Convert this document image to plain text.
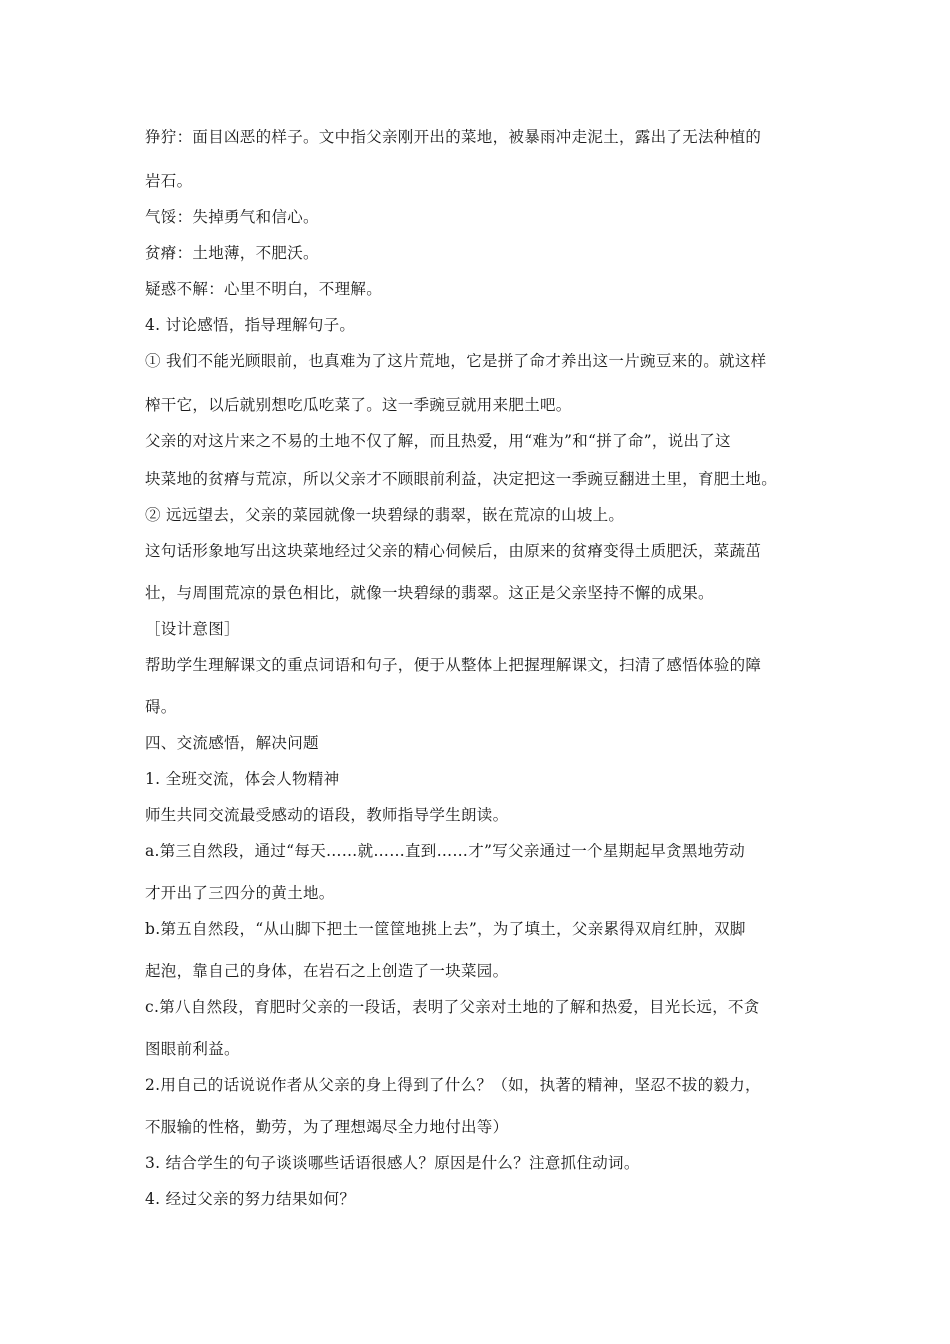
狰狞：面目凶恶的样子。文中指父亲刚开出的菜地，被暴雨冲走泥土，露出了无法种植的
岩石。
气馁：失掉勇气和信心。
贫瘠：土地薄，不肥沃。
疑惑不解：心里不明白，不理解。
4. 讨论感悟，指导理解句子。
① 我们不能光顾眼前，也真难为了这片荒地，它是拼了命才养出这一片豌豆来的。就这样
榨干它，以后就别想吃瓜吃菜了。这一季豌豆就用来肥土吧。
父亲的对这片来之不易的土地不仅了解，而且热爱，用“难为”和“拼了命”，说出了这
块菜地的贫瘠与荒凉，所以父亲才不顾眼前利益，决定把这一季豌豆翻进土里，育肥土地。
② 远远望去，父亲的菜园就像一块碧绿的翡翠，嵌在荒凉的山坡上。
这句话形象地写出这块菜地经过父亲的精心伺候后，由原来的贫瘠变得土质肥沃，菜蔬茁
壮，与周围荒凉的景色相比，就像一块碧绿的翡翠。这正是父亲坚持不懈的成果。
［设计意图］
帮助学生理解课文的重点词语和句子，便于从整体上把握理解课文，扫清了感悟体验的障
碍。
四、交流感悟，解决问题
1. 全班交流，体会人物精神
师生共同交流最受感动的语段，教师指导学生朗读。
a.第三自然段，通过“每天……就……直到……才”写父亲通过一个星期起早贪黑地劳动
才开出了三四分的黄土地。
b.第五自然段，“从山脚下把土一筐筐地挑上去”，为了填土，父亲累得双肩红肿，双脚
起泡，靠自己的身体，在岩石之上创造了一块菜园。
c.第八自然段，育肥时父亲的一段话，表明了父亲对土地的了解和热爱，目光长远，不贪
图眼前利益。
2.用自己的话说说作者从父亲的身上得到了什么？（如，执著的精神，坚忍不拔的毅力，
不服输的性格，勤劳，为了理想竭尽全力地付出等）
3. 结合学生的句子谈谈哪些话语很感人？原因是什么？注意抓住动词。
4. 经过父亲的努力结果如何？
